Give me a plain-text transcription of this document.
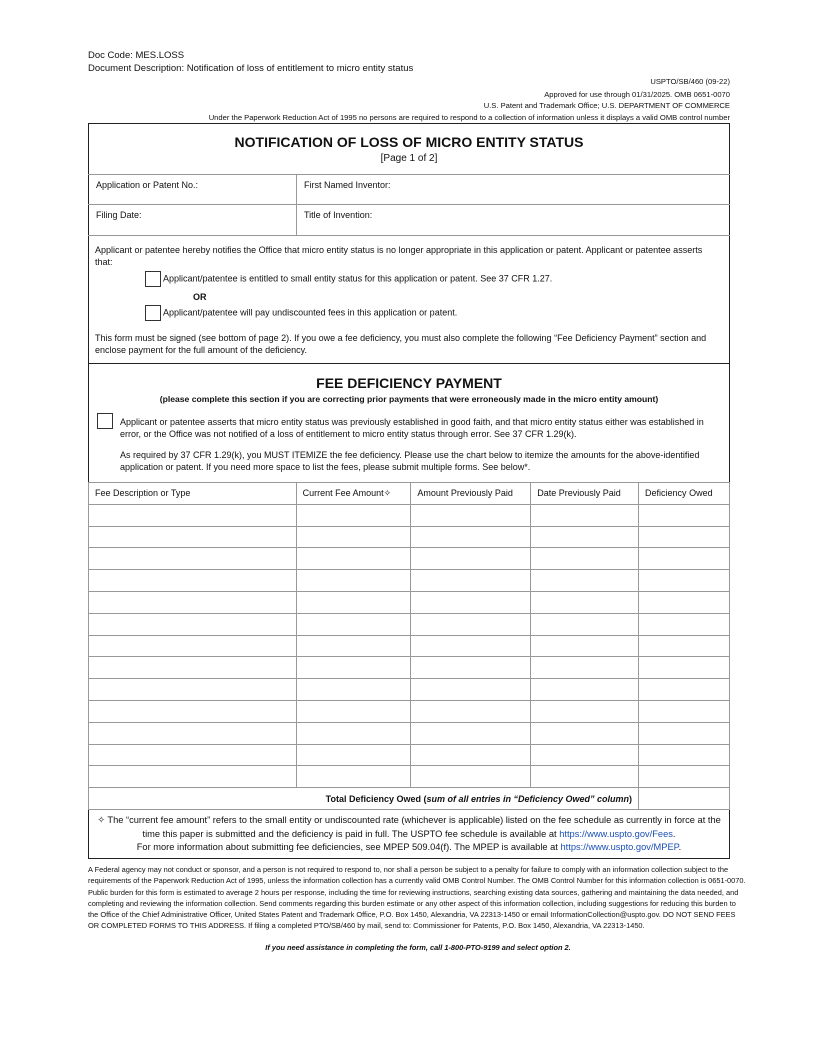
Doc Code: MES.LOSS
Document Description: Notification of loss of entitlement to micro entity status
USPTO/SB/460 (09-22)
Approved for use through 01/31/2025. OMB 0651-0070
U.S. Patent and Trademark Office; U.S. DEPARTMENT OF COMMERCE
Under the Paperwork Reduction Act of 1995 no persons are required to respond to a collection of information unless it displays a valid OMB control number
NOTIFICATION OF LOSS OF MICRO ENTITY STATUS
[Page 1 of 2]
Application or Patent No.:	First Named Inventor:
Filing Date:	Title of Invention:
Applicant or patentee hereby notifies the Office that micro entity status is no longer appropriate in this application or patent. Applicant or patentee asserts that:
Applicant/patentee is entitled to small entity status for this application or patent. See 37 CFR 1.27.
OR
Applicant/patentee will pay undiscounted fees in this application or patent.
This form must be signed (see bottom of page 2). If you owe a fee deficiency, you must also complete the following “Fee Deficiency Payment” section and enclose payment for the full amount of the deficiency.
FEE DEFICIENCY PAYMENT
(please complete this section if you are correcting prior payments that were erroneously made in the micro entity amount)
Applicant or patentee asserts that micro entity status was previously established in good faith, and that micro entity status either was established in error, or the Office was not notified of a loss of entitlement to micro entity status through error. See 37 CFR 1.29(k).
As required by 37 CFR 1.29(k), you MUST ITEMIZE the fee deficiency. Please use the chart below to itemize the amounts for the above-identified application or patent. If you need more space to list the fees, please submit multiple forms. See below*.
Fee Description or Type	Current Fee Amount✧	Amount Previously Paid	Date Previously Paid	Deficiency Owed

Total Deficiency Owed (sum of all entries in “Deficiency Owed” column)				
✧ The “current fee amount” refers to the small entity or undiscounted rate (whichever is applicable) listed on the fee schedule as currently in force at the time this paper is submitted and the deficiency is paid in full. The USPTO fee schedule is available at https://www.uspto.gov/Fees.
For more information about submitting fee deficiencies, see MPEP 509.04(f). The MPEP is available at https://www.uspto.gov/MPEP.
A Federal agency may not conduct or sponsor, and a person is not required to respond to, nor shall a person be subject to a penalty for failure to comply with an information collection subject to the requirements of the Paperwork Reduction Act of 1995, unless the information collection has a currently valid OMB Control Number. The OMB Control Number for this information collection is 0651-0070. Public burden for this form is estimated to average 2 hours per response, including the time for reviewing instructions, searching existing data sources, gathering and maintaining the data needed, and completing and reviewing the information collection. Send comments regarding this burden estimate or any other aspect of this information collection, including suggestions for reducing this burden to the Office of the Chief Administrative Officer, United States Patent and Trademark Office, P.O. Box 1450, Alexandria, VA 22313-1450 or email InformationCollection@uspto.gov. DO NOT SEND FEES OR COMPLETED FORMS TO THIS ADDRESS. If filing a completed PTO/SB/460 by mail, send to: Commissioner for Patents, P.O. Box 1450, Alexandria, VA 22313-1450.
If you need assistance in completing the form, call 1-800-PTO-9199 and select option 2.
